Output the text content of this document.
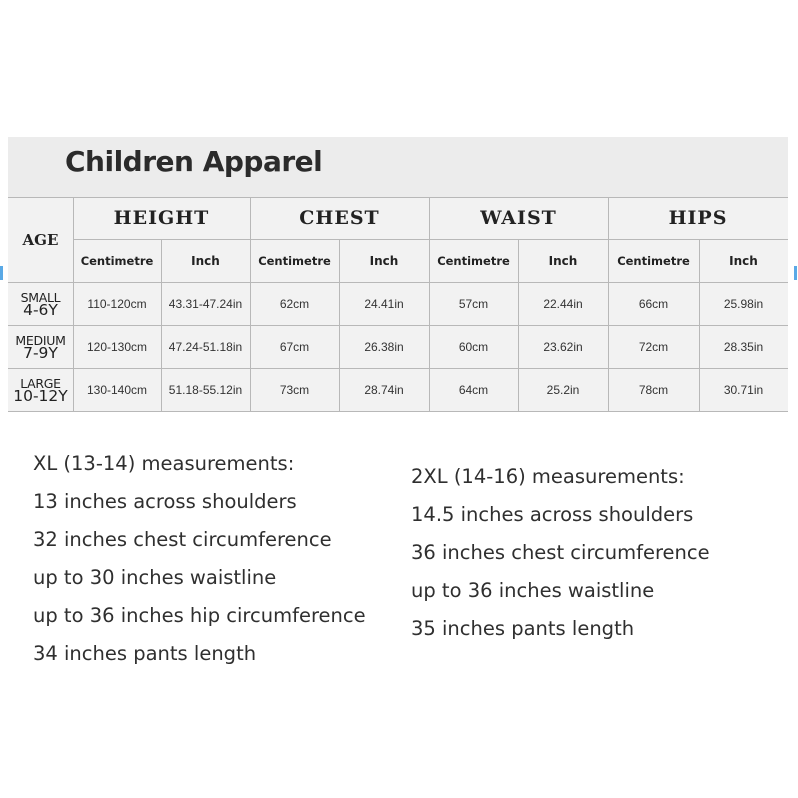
Children Apparel
AGE
HEIGHT	CHEST	WAIST	HIPS
Centimetre	Inch	Centimetre	Inch	Centimetre	Inch	Centimetre	Inch
SMALL
4-6Y	110-120cm	43.31-47.24in	62cm	24.41in	57cm	22.44in	66cm	25.98in
MEDIUM
7-9Y	120-130cm	47.24-51.18in	67cm	26.38in	60cm	23.62in	72cm	28.35in
LARGE
10-12Y	130-140cm	51.18-55.12in	73cm	28.74in	64cm	25.2in	78cm	30.71in
XL (13-14) measurements:
13 inches across shoulders
32 inches chest circumference
up to 30 inches waistline
up to 36 inches hip circumference
34 inches pants length
2XL (14-16) measurements:
14.5 inches across shoulders
36 inches chest circumference
up to 36 inches waistline
35 inches pants length
